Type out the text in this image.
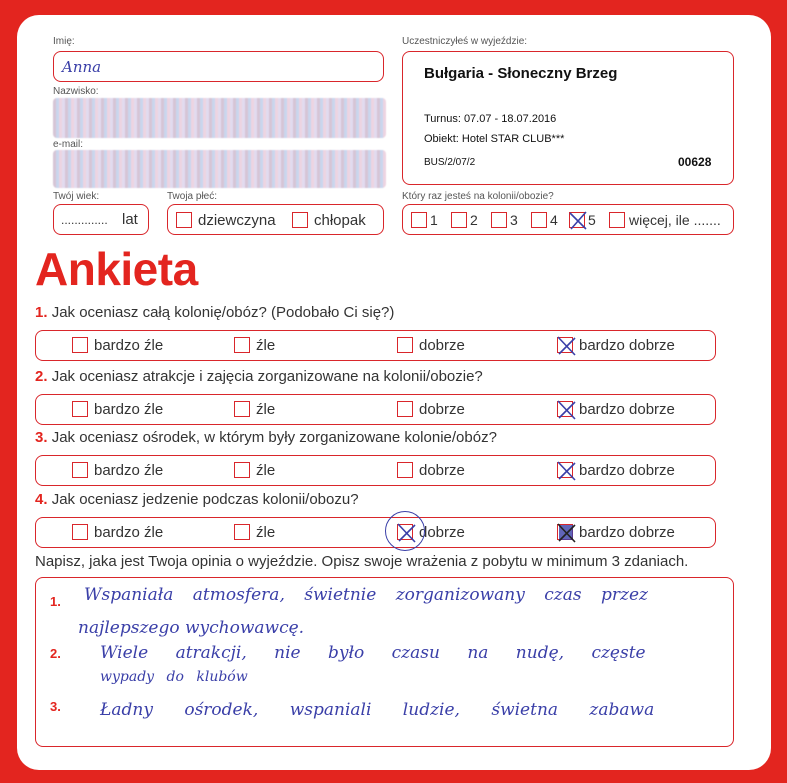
Imię:
Anna
Nazwisko:
e-mail:
Twój wiek:
.............. lat
Twoja płeć:
dziewczyna	chłopak
Uczestniczyłeś w wyjeździe:
Bułgaria - Słoneczny Brzeg
Turnus: 07.07 - 18.07.2016
Obiekt: Hotel STAR CLUB***
BUS/2/07/2	00628
Który raz jesteś na kolonii/obozie?
1	2	3	4	5	więcej, ile .......
Ankieta
1. Jak oceniasz całą kolonię/obóz? (Podobało Ci się?)
bardzo źle	źle	dobrze	bardzo dobrze
2. Jak oceniasz atrakcje i zajęcia zorganizowane na kolonii/obozie?
bardzo źle	źle	dobrze	bardzo dobrze
3. Jak oceniasz ośrodek, w którym były zorganizowane kolonie/obóz?
bardzo źle	źle	dobrze	bardzo dobrze
4. Jak oceniasz jedzenie podczas kolonii/obozu?
bardzo źle	źle	dobrze	bardzo dobrze
Napisz, jaka jest Twoja opinia o wyjeździe. Opisz swoje wrażenia z pobytu w minimum 3 zdaniach.
1. Wspaniała atmosfera, świetnie zorganizowany czas przez
najlepszego wychowawcę.
2. Wiele atrakcji, nie było czasu na nudę, częste
wypady do klubów
3. Ładny ośrodek, wspaniali ludzie, świetna zabawa
